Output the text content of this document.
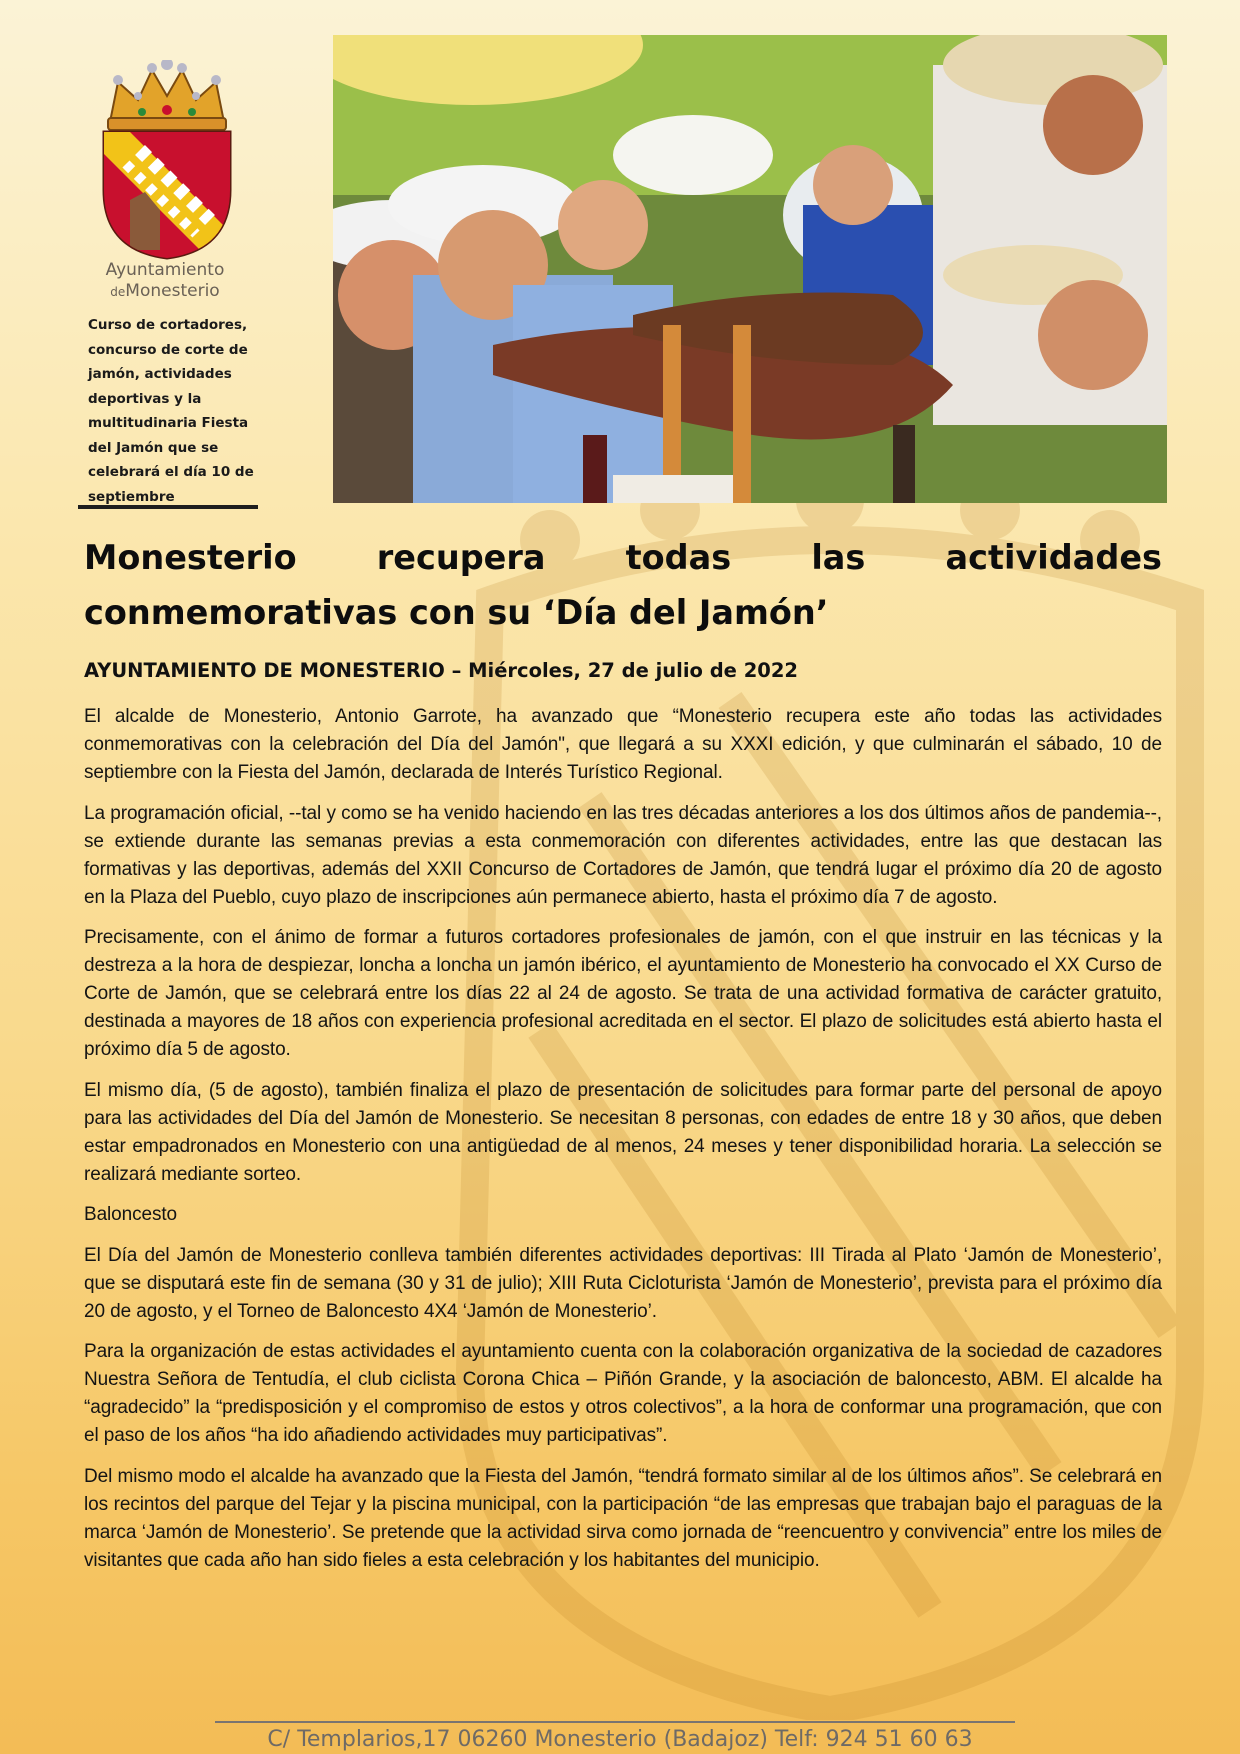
Ayuntamiento
deMonesterio
Curso de cortadores, concurso de corte de jamón, actividades deportivas y la multitudinaria Fiesta del Jamón que se celebrará el día 10 de septiembre
Monesterio recupera todas las actividades conmemorativas con su ‘Día del Jamón’
AYUNTAMIENTO DE MONESTERIO – Miércoles, 27 de julio de 2022

El alcalde de Monesterio, Antonio Garrote, ha avanzado que “Monesterio recupera este año todas las actividades conmemorativas con la celebración del Día del Jamón", que llegará a su XXXI edición, y que culminarán el sábado, 10 de septiembre con la Fiesta del Jamón, declarada de Interés Turístico Regional.

La programación oficial, --tal y como se ha venido haciendo en las tres décadas anteriores a los dos últimos años de pandemia--, se extiende durante las semanas previas a esta conmemoración con diferentes actividades, entre las que destacan las formativas y las deportivas, además del XXII Concurso de Cortadores de Jamón, que tendrá lugar el próximo día 20 de agosto en la Plaza del Pueblo, cuyo plazo de inscripciones aún permanece abierto, hasta el próximo día 7 de agosto.

Precisamente, con el ánimo de formar a futuros cortadores profesionales de jamón, con el que instruir en las técnicas y la destreza a la hora de despiezar, loncha a loncha un jamón ibérico, el ayuntamiento de Monesterio ha convocado el XX Curso de Corte de Jamón, que se celebrará entre los días 22 al 24 de agosto. Se trata de una actividad formativa de carácter gratuito, destinada a mayores de 18 años con experiencia profesional acreditada en el sector. El plazo de solicitudes está abierto hasta el próximo día 5 de agosto.

El mismo día, (5 de agosto), también finaliza el plazo de presentación de solicitudes para formar parte del personal de apoyo para las actividades del Día del Jamón de Monesterio. Se necesitan 8 personas, con edades de entre 18 y 30 años, que deben estar empadronados en Monesterio con una antigüedad de al menos, 24 meses y tener disponibilidad horaria. La selección se realizará mediante sorteo.

Baloncesto

El Día del Jamón de Monesterio conlleva también diferentes actividades deportivas: III Tirada al Plato ‘Jamón de Monesterio’, que se disputará este fin de semana (30 y 31 de julio); XIII Ruta Cicloturista ‘Jamón de Monesterio’, prevista para el próximo día 20 de agosto, y el Torneo de Baloncesto 4X4 ‘Jamón de Monesterio’.

Para la organización de estas actividades el ayuntamiento cuenta con la colaboración organizativa de la sociedad de cazadores Nuestra Señora de Tentudía, el club ciclista Corona Chica – Piñón Grande, y la asociación de baloncesto, ABM. El alcalde ha “agradecido” la “predisposición y el compromiso de estos y otros colectivos”, a la hora de conformar una programación, que con el paso de los años “ha ido añadiendo actividades muy participativas”.

Del mismo modo el alcalde ha avanzado que la Fiesta del Jamón, “tendrá formato similar al de los últimos años”. Se celebrará en los recintos del parque del Tejar y la piscina municipal, con la participación “de las empresas que trabajan bajo el paraguas de la marca ‘Jamón de Monesterio’. Se pretende que la actividad sirva como jornada de “reencuentro y convivencia” entre los miles de visitantes que cada año han sido fieles a esta celebración y los habitantes del municipio.

C/ Templarios,17 06260 Monesterio (Badajoz) Telf: 924 51 60 63
